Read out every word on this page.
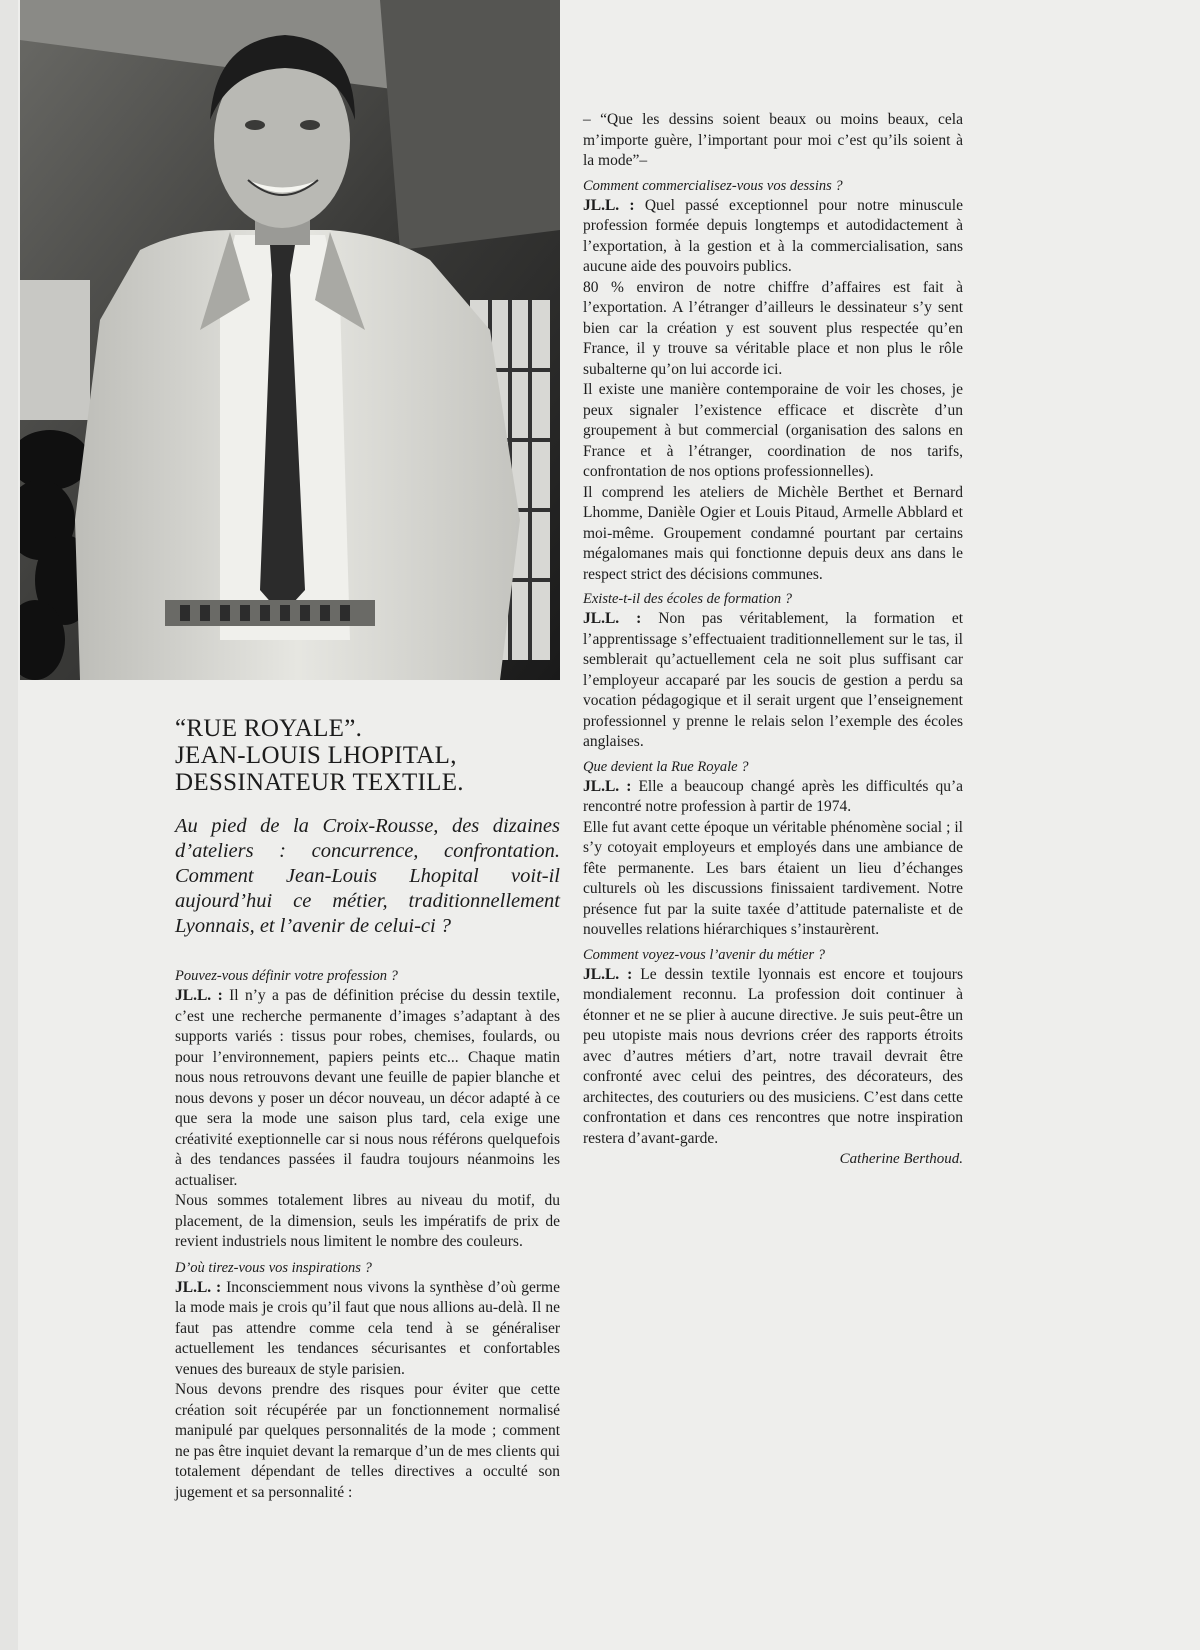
“RUE ROYALE”.
JEAN-LOUIS LHOPITAL,
DESSINATEUR TEXTILE.

Au pied de la Croix-Rousse, des dizaines d’ateliers : concurrence, confrontation. Comment Jean-Louis Lhopital voit-il aujourd’hui ce métier, traditionnellement Lyonnais, et l’avenir de celui-ci ?

Pouvez-vous définir votre profession ?

JL.L. : Il n’y a pas de définition précise du dessin textile, c’est une recherche permanente d’images s’adaptant à des supports variés : tissus pour robes, chemises, foulards, ou pour l’environnement, papiers peints etc... Chaque matin nous nous retrouvons devant une feuille de papier blanche et nous devons y poser un décor nouveau, un décor adapté à ce que sera la mode une saison plus tard, cela exige une créativité exeptionnelle car si nous nous référons quelquefois à des tendances passées il faudra toujours néanmoins les actualiser.

Nous sommes totalement libres au niveau du motif, du placement, de la dimension, seuls les impératifs de prix de revient industriels nous limitent le nombre des couleurs.

D’où tirez-vous vos inspirations ?

JL.L. : Inconsciemment nous vivons la synthèse d’où germe la mode mais je crois qu’il faut que nous allions au-delà. Il ne faut pas attendre comme cela tend à se généraliser actuellement les tendances sécurisantes et confortables venues des bureaux de style parisien.

Nous devons prendre des risques pour éviter que cette création soit récupérée par un fonctionnement normalisé manipulé par quelques personnalités de la mode ; comment ne pas être inquiet devant la remarque d’un de mes clients qui totalement dépendant de telles directives a occulté son jugement et sa personnalité :

– “Que les dessins soient beaux ou moins beaux, cela m’importe guère, l’important pour moi c’est qu’ils soient à la mode”–

Comment commercialisez-vous vos dessins ?

JL.L. : Quel passé exceptionnel pour notre minuscule profession formée depuis longtemps et autodidactement à l’exportation, à la gestion et à la commercialisation, sans aucune aide des pouvoirs publics.

80 % environ de notre chiffre d’affaires est fait à l’exportation. A l’étranger d’ailleurs le dessinateur s’y sent bien car la création y est souvent plus respectée qu’en France, il y trouve sa véritable place et non plus le rôle subalterne qu’on lui accorde ici.

Il existe une manière contemporaine de voir les choses, je peux signaler l’existence efficace et discrète d’un groupement à but commercial (organisation des salons en France et à l’étranger, coordination de nos tarifs, confrontation de nos options professionnelles).

Il comprend les ateliers de Michèle Berthet et Bernard Lhomme, Danièle Ogier et Louis Pitaud, Armelle Abblard et moi-même. Groupement condamné pourtant par certains mégalomanes mais qui fonctionne depuis deux ans dans le respect strict des décisions communes.

Existe-t-il des écoles de formation ?

JL.L. : Non pas véritablement, la formation et l’apprentissage s’effectuaient traditionnellement sur le tas, il semblerait qu’actuellement cela ne soit plus suffisant car l’employeur accaparé par les soucis de gestion a perdu sa vocation pédagogique et il serait urgent que l’enseignement professionnel y prenne le relais selon l’exemple des écoles anglaises.

Que devient la Rue Royale ?

JL.L. : Elle a beaucoup changé après les difficultés qu’a rencontré notre profession à partir de 1974.

Elle fut avant cette époque un véritable phénomène social ; il s’y cotoyait employeurs et employés dans une ambiance de fête permanente. Les bars étaient un lieu d’échanges culturels où les discussions finissaient tardivement. Notre présence fut par la suite taxée d’attitude paternaliste et de nouvelles relations hiérarchiques s’instaurèrent.

Comment voyez-vous l’avenir du métier ?

JL.L. : Le dessin textile lyonnais est encore et toujours mondialement reconnu. La profession doit continuer à étonner et ne se plier à aucune directive. Je suis peut-être un peu utopiste mais nous devrions créer des rapports étroits avec d’autres métiers d’art, notre travail devrait être confronté avec celui des peintres, des décorateurs, des architectes, des couturiers ou des musiciens. C’est dans cette confrontation et dans ces rencontres que notre inspiration restera d’avant-garde.

Catherine Berthoud.
